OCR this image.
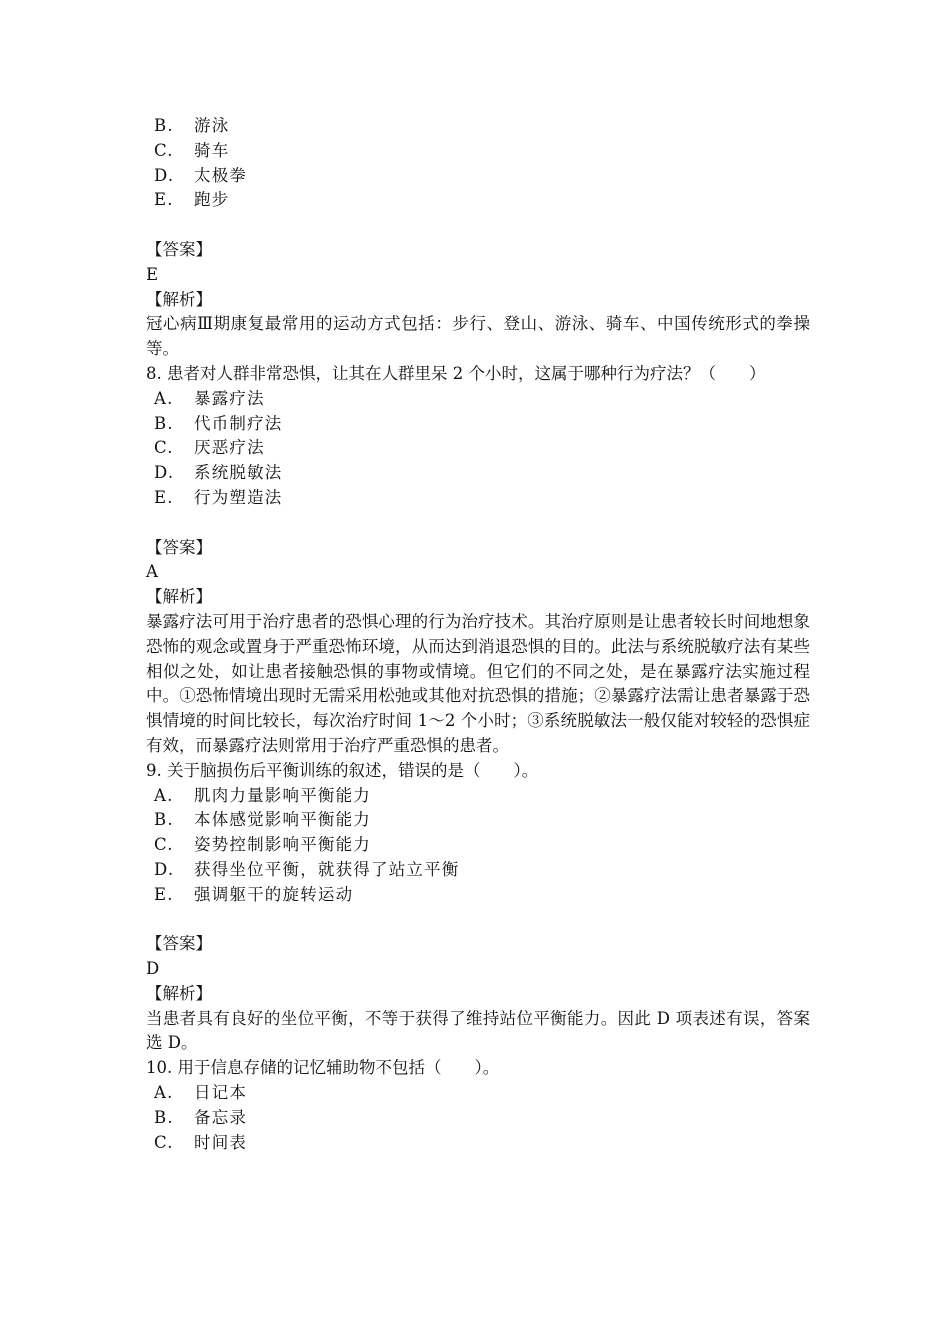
B. 游泳
C. 骑车
D. 太极拳
E. 跑步
【答案】
E
【解析】
冠心病Ⅲ期康复最常用的运动方式包括：步行、登山、游泳、骑车、中国传统形式的拳操等。
8. 患者对人群非常恐惧，让其在人群里呆 2 个小时，这属于哪种行为疗法？（　　）
A. 暴露疗法
B. 代币制疗法
C. 厌恶疗法
D. 系统脱敏法
E. 行为塑造法
【答案】
A
【解析】
暴露疗法可用于治疗患者的恐惧心理的行为治疗技术。其治疗原则是让患者较长时间地想象恐怖的观念或置身于严重恐怖环境，从而达到消退恐惧的目的。此法与系统脱敏疗法有某些相似之处，如让患者接触恐惧的事物或情境。但它们的不同之处，是在暴露疗法实施过程中。①恐怖情境出现时无需采用松弛或其他对抗恐惧的措施；②暴露疗法需让患者暴露于恐惧情境的时间比较长，每次治疗时间 1～2 个小时；③系统脱敏法一般仅能对较轻的恐惧症有效，而暴露疗法则常用于治疗严重恐惧的患者。
9. 关于脑损伤后平衡训练的叙述，错误的是（　　）。
A. 肌肉力量影响平衡能力
B. 本体感觉影响平衡能力
C. 姿势控制影响平衡能力
D. 获得坐位平衡，就获得了站立平衡
E. 强调躯干的旋转运动
【答案】
D
【解析】
当患者具有良好的坐位平衡，不等于获得了维持站位平衡能力。因此 D 项表述有误，答案选 D。
10. 用于信息存储的记忆辅助物不包括（　　）。
A. 日记本
B. 备忘录
C. 时间表
